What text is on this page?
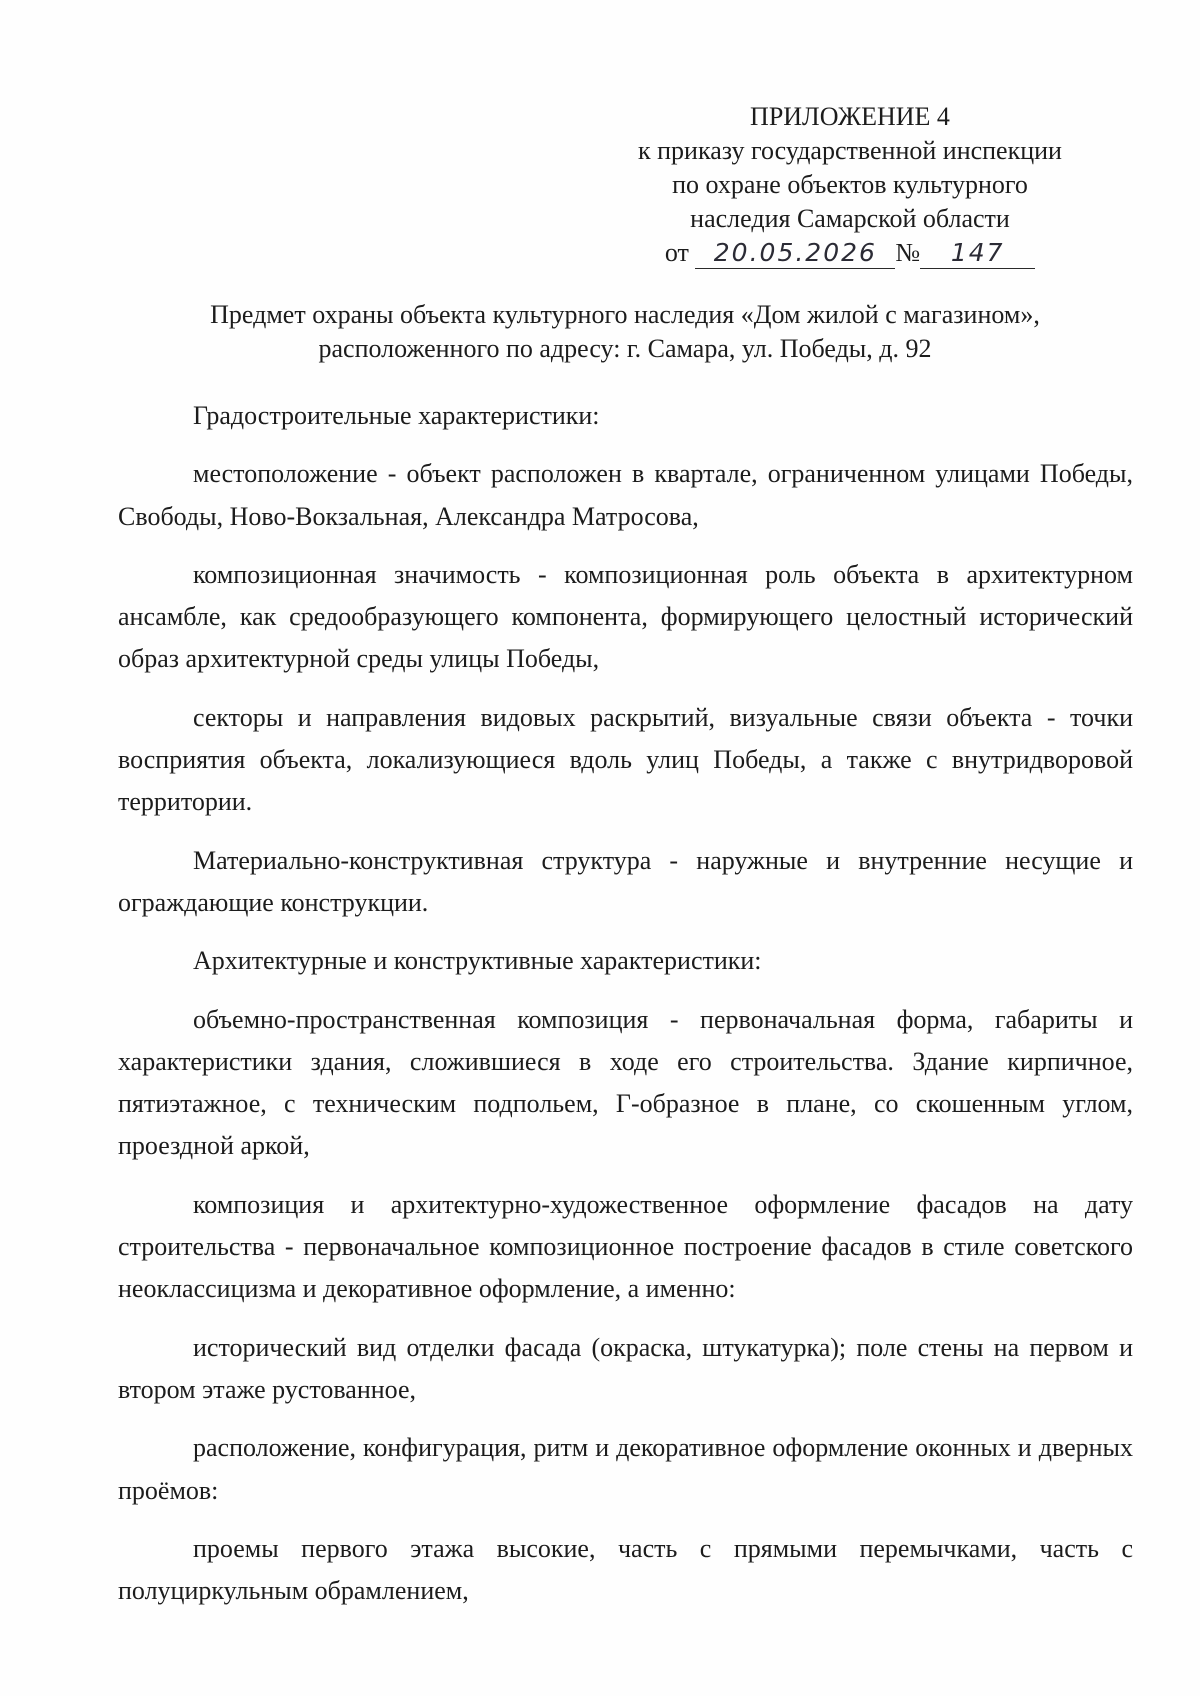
ПРИЛОЖЕНИЕ 4
к приказу государственной инспекции
по охране объектов культурного
наследия Самарской области
от 20.05.2026 № 147
Предмет охраны объекта культурного наследия «Дом жилой с магазином»,
расположенного по адресу: г. Самара, ул. Победы, д. 92

Градостроительные характеристики:

местоположение - объект расположен в квартале, ограниченном улицами Победы, Свободы, Ново-Вокзальная, Александра Матросова,

композиционная значимость - композиционная роль объекта в архитектурном ансамбле, как средообразующего компонента, формирующего целостный исторический образ архитектурной среды улицы Победы,

секторы и направления видовых раскрытий, визуальные связи объекта - точки восприятия объекта, локализующиеся вдоль улиц Победы, а также с внутридворовой территории.

Материально-конструктивная структура - наружные и внутренние несущие и ограждающие конструкции.

Архитектурные и конструктивные характеристики:

объемно-пространственная композиция - первоначальная форма, габариты и характеристики здания, сложившиеся в ходе его строительства. Здание кирпичное, пятиэтажное, с техническим подпольем, Г-образное в плане, со скошенным углом, проездной аркой,

композиция и архитектурно-художественное оформление фасадов на дату строительства - первоначальное композиционное построение фасадов в стиле советского неоклассицизма и декоративное оформление, а именно:

исторический вид отделки фасада (окраска, штукатурка); поле стены на первом и втором этаже рустованное,

расположение, конфигурация, ритм и декоративное оформление оконных и дверных проёмов:

проемы первого этажа высокие, часть с прямыми перемычками, часть с полуциркульным обрамлением,
